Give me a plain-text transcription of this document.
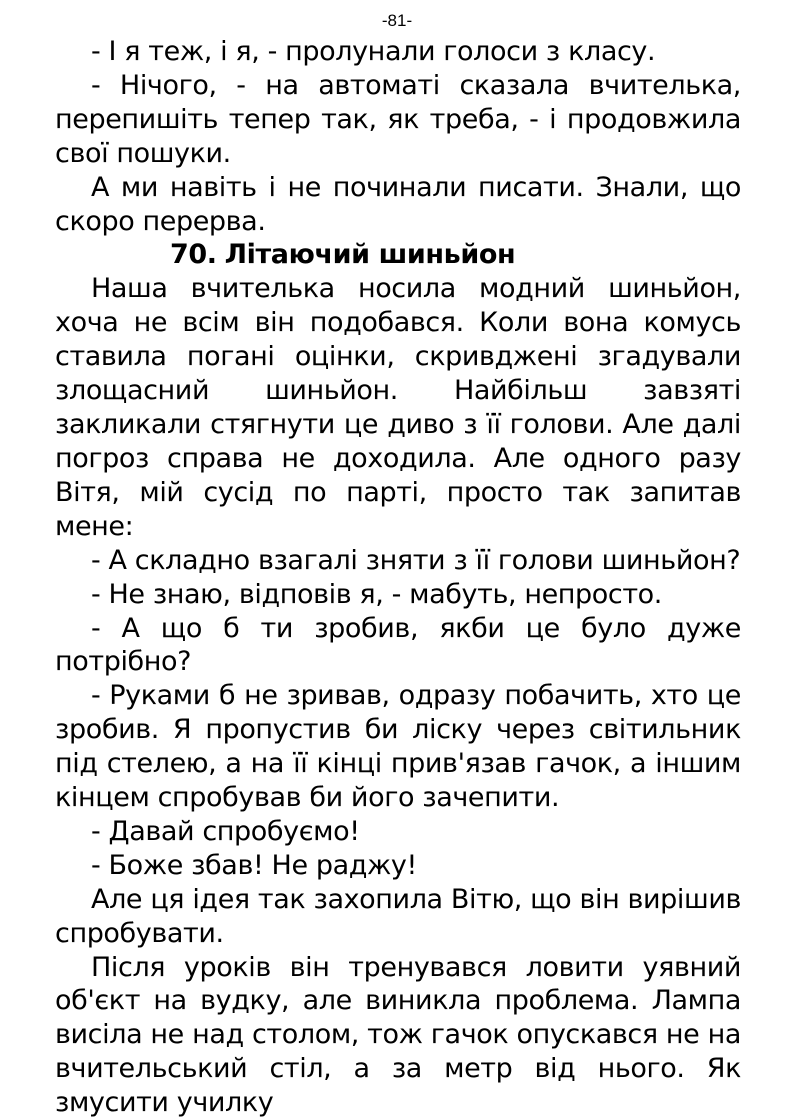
-81-

- І я теж, і я, - пролунали голоси з класу.

- Нічого, - на автоматі сказала вчителька, перепишіть тепер так, як треба, - і продовжила свої пошуки.

А ми навіть і не починали писати. Знали, що скоро перерва.

70. Літаючий шиньйон

Наша вчителька носила модний шиньйон, хоча не всім він подобався. Коли вона комусь ставила погані оцінки, скривджені згадували злощасний шиньйон. Найбільш завзяті закликали стягнути це диво з її голови. Але далі погроз справа не доходила. Але одного разу Вітя, мій сусід по парті, просто так запитав мене:

- А складно взагалі зняти з її голови шиньйон?

- Не знаю, відповів я, - мабуть, непросто.

- А що б ти зробив, якби це було дуже потрібно?

- Руками б не зривав, одразу побачить, хто це зробив. Я пропустив би ліску через світильник під стелею, а на її кінці прив'язав гачок, а іншим кінцем спробував би його зачепити.

- Давай спробуємо!

- Боже збав! Не раджу!

Але ця ідея так захопила Вітю, що він вирішив спробувати.

Після уроків він тренувався ловити уявний об'єкт на вудку, але виникла проблема. Лампа висіла не над столом, тож гачок опускався не на вчительський стіл, а за метр від нього. Як змусити училку
